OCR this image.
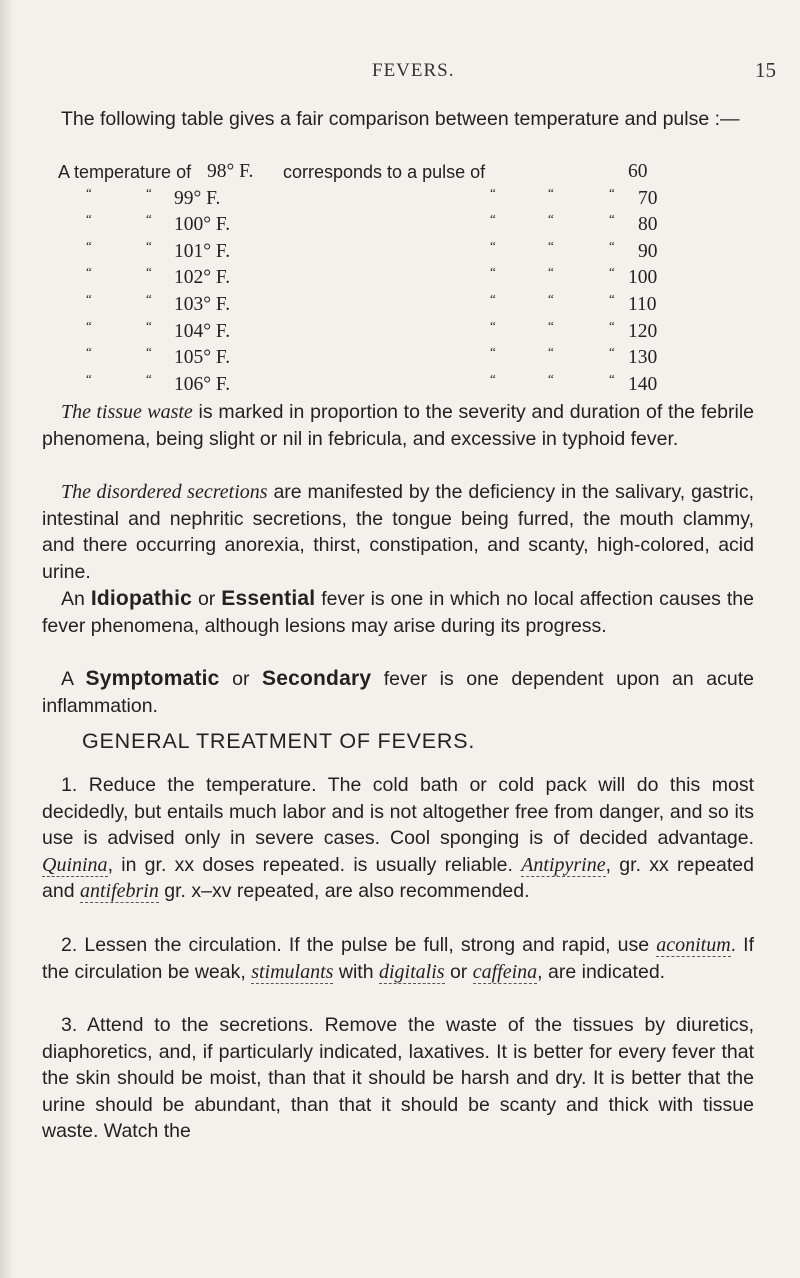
FEVERS.	15

The following table gives a fair comparison between temperature and pulse :—

A temperature of 98° F. corresponds to a pulse of	60
“	“ 99° F.	“	“	“ 70
“	“ 100° F.	“	“	“ 80
“	“ 101° F.	“	“	“ 90
“	“ 102° F.	“	“	“ 100
“	“ 103° F.	“	“	“ 110
“	“ 104° F.	“	“	“ 120
“	“ 105° F.	“	“	“ 130
“	“ 106° F.	“	“	“ 140

The tissue waste is marked in proportion to the severity and duration of the febrile phenomena, being slight or nil in febricula, and excessive in typhoid fever.

The disordered secretions are manifested by the deficiency in the salivary, gastric, intestinal and nephritic secretions, the tongue being furred, the mouth clammy, and there occurring anorexia, thirst, constipation, and scanty, high-colored, acid urine.

An Idiopathic or Essential fever is one in which no local affection causes the fever phenomena, although lesions may arise during its progress.

A Symptomatic or Secondary fever is one dependent upon an acute inflammation.

GENERAL TREATMENT OF FEVERS.

1. Reduce the temperature. The cold bath or cold pack will do this most decidedly, but entails much labor and is not altogether free from danger, and so its use is advised only in severe cases. Cool sponging is of decided advantage. Quinina, in gr. xx doses repeated. is usually reliable. Antipyrine, gr. xx repeated and antifebrin gr. x–xv repeated, are also recommended.

2. Lessen the circulation. If the pulse be full, strong and rapid, use aconitum. If the circulation be weak, stimulants with digitalis or caffeina, are indicated.

3. Attend to the secretions. Remove the waste of the tissues by diuretics, diaphoretics, and, if particularly indicated, laxatives. It is better for every fever that the skin should be moist, than that it should be harsh and dry. It is better that the urine should be abundant, than that it should be scanty and thick with tissue waste. Watch the
